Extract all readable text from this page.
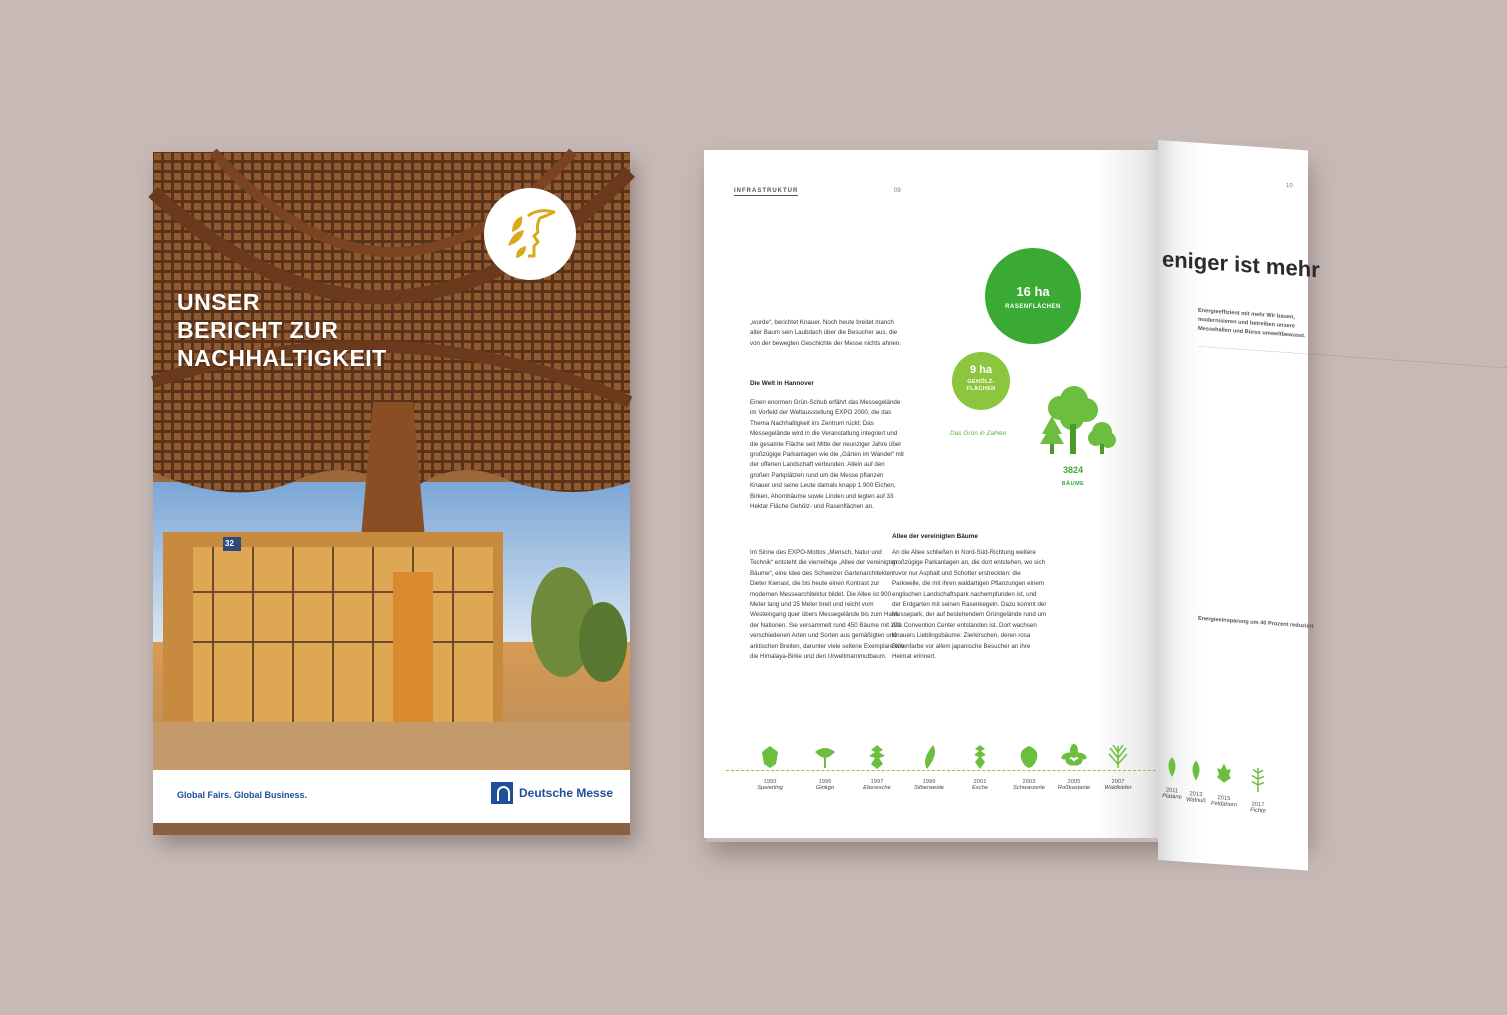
32
UNSER
BERICHT ZUR
NACHHALTIGKEIT
Global Fairs. Global Business.	Deutsche Messe
INFRASTRUKTUR	09
„wurde“, berichtet Knauer. Noch heute breitet manch alter Baum sein Laubdach über die Besucher aus, die von der bewegten Geschichte der Messe nichts ahnen.
Die Welt in Hannover
Einen enormen Grün-Schub erfährt das Messegelände im Vorfeld der Weltausstellung EXPO 2000, die das Thema Nachhaltigkeit ins Zentrum rückt: Das Messegelände wird in die Veranstaltung integriert und die gesamte Fläche seit Mitte der neunziger Jahre über großzügige Parkanlagen wie die „Gärten im Wandel“ mit der offenen Landschaft verbunden. Allein auf den großen Parkplätzen rund um die Messe pflanzen Knauer und seine Leute damals knapp 1.900 Eichen, Birken, Ahornbäume sowie Linden und legten auf 33 Hektar Fläche Gehölz- und Rasenflächen an.
Im Sinne des EXPO-Mottos „Mensch, Natur und Technik“ entsteht die vierreihige „Allee der vereinigten Bäume“, eine Idee des Schweizer Gartenarchitekten Dieter Kienast, die bis heute einen Kontrast zur modernen Messearchitektur bildet. Die Allee ist 900 Meter lang und 25 Meter breit und reicht vom Westeingang quer übers Messegelände bis zum Haus der Nationen. Sie versammelt rund 450 Bäume mit 270 verschiedenen Arten und Sorten aus gemäßigten und arktischen Breiten, darunter viele seltene Exemplare wie die Himalaya-Birke und den Urweltmammutbaum.
Allee der vereinigten Bäume
An die Allee schließen in Nord-Süd-Richtung weitere großzügige Parkanlagen an, die dort entstehen, wo sich zuvor nur Asphalt und Schotter erstreckten: die Parkwelle, die mit ihren waldartigen Pflanzungen einem englischen Landschaftspark nachempfunden ist, und der Erdgarten mit seinen Rasenkegeln. Dazu kommt der Messepark, der auf bestehendem Grüngelände rund um das Convention Center entstanden ist. Dort wachsen Knauers Lieblingsbäume: Zierkirschen, deren rosa Blütenfarbe vor allem japanische Besucher an ihre Heimat erinnert.
16 ha
RASENFLÄCHEN
9 ha
GEHÖLZ-
FLÄCHEN
Das Grün in Zahlen
3824
BÄUME
1993
Speierling
1995
Ginkgo
1997
Eberesche
1999
Silberweide
2001
Esche
2003
Schwarzerle
2005
Roßkastanie
2007
Waldkiefer
10
eniger ist mehr
Energieeffizient mit mehr Wir bauen, modernisieren und betreiben unsere Messehallen und Büros umweltbewusst.
······································································································································································
Energieeinsparung um 40 Prozent reduziert
2011
Platane	2013
Walnuß	2015
Feldahorn	2017
Fichte
